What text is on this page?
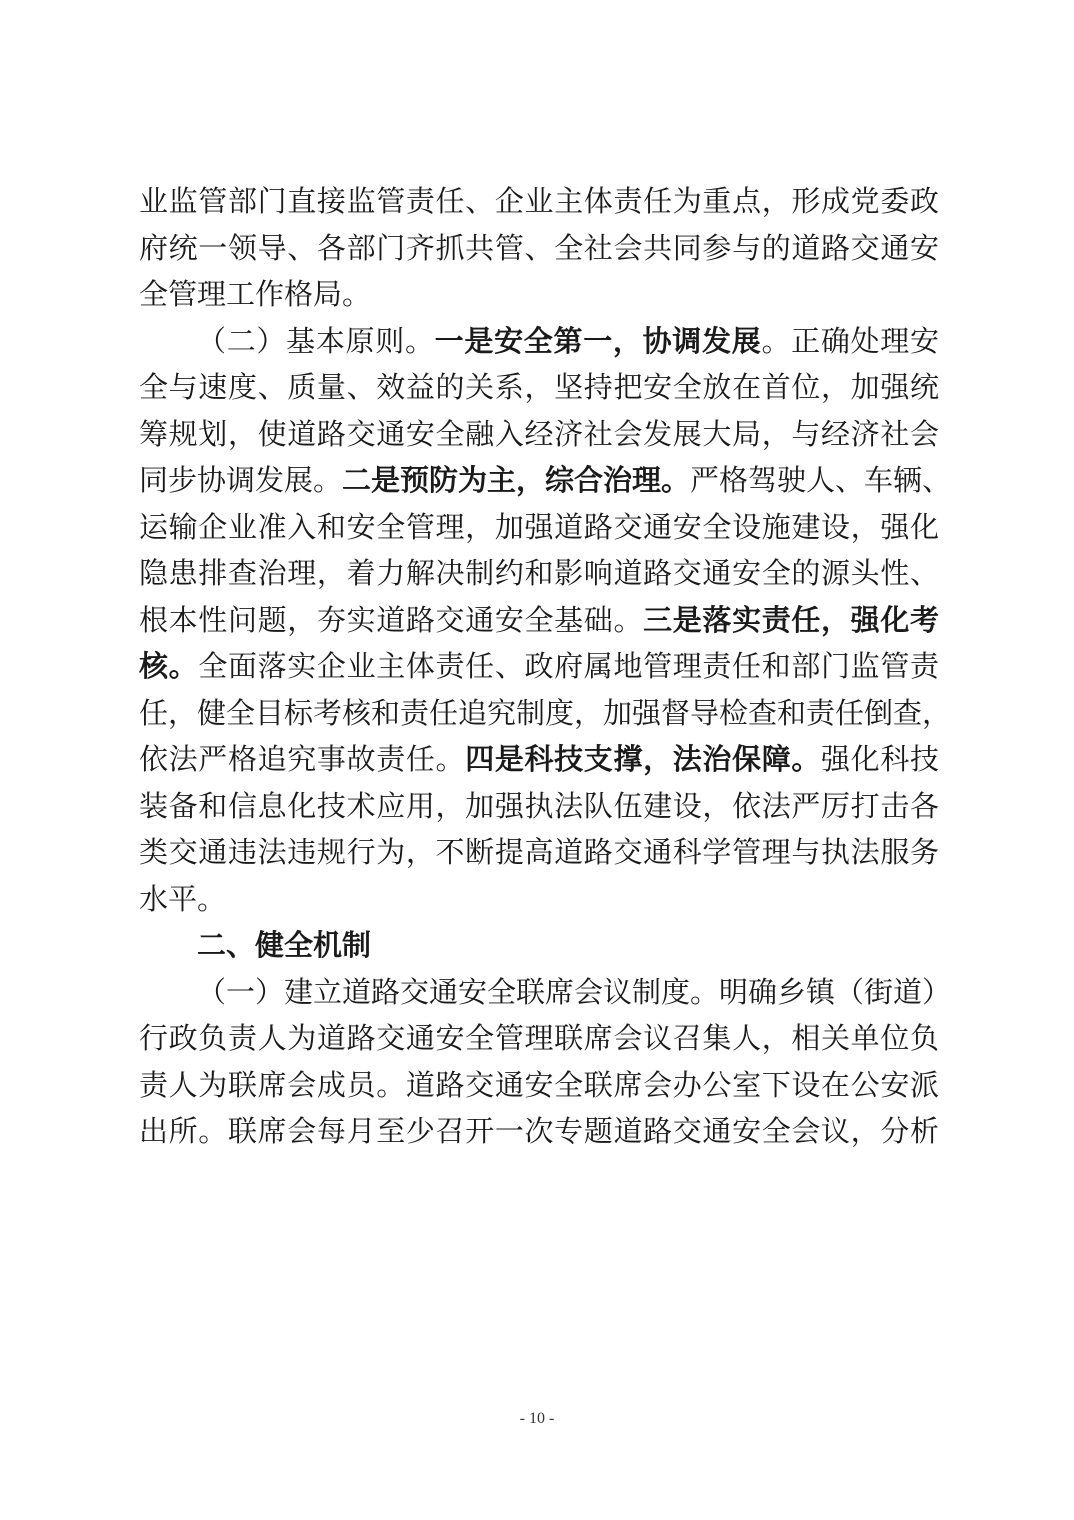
业监管部门直接监管责任、企业主体责任为重点，形成党委政
府统一领导、各部门齐抓共管、全社会共同参与的道路交通安
全管理工作格局。
（二）基本原则。一是安全第一，协调发展。正确处理安
全与速度、质量、效益的关系，坚持把安全放在首位，加强统
筹规划，使道路交通安全融入经济社会发展大局，与经济社会
同步协调发展。二是预防为主，综合治理。严格驾驶人、车辆、
运输企业准入和安全管理，加强道路交通安全设施建设，强化
隐患排查治理，着力解决制约和影响道路交通安全的源头性、
根本性问题，夯实道路交通安全基础。三是落实责任，强化考
核。全面落实企业主体责任、政府属地管理责任和部门监管责
任，健全目标考核和责任追究制度，加强督导检查和责任倒查，
依法严格追究事故责任。四是科技支撑，法治保障。强化科技
装备和信息化技术应用，加强执法队伍建设，依法严厉打击各
类交通违法违规行为，不断提高道路交通科学管理与执法服务
水平。
二、健全机制
（一）建立道路交通安全联席会议制度。明确乡镇（街道）
行政负责人为道路交通安全管理联席会议召集人，相关单位负
责人为联席会成员。道路交通安全联席会办公室下设在公安派
出所。联席会每月至少召开一次专题道路交通安全会议，分析
- 10 -
